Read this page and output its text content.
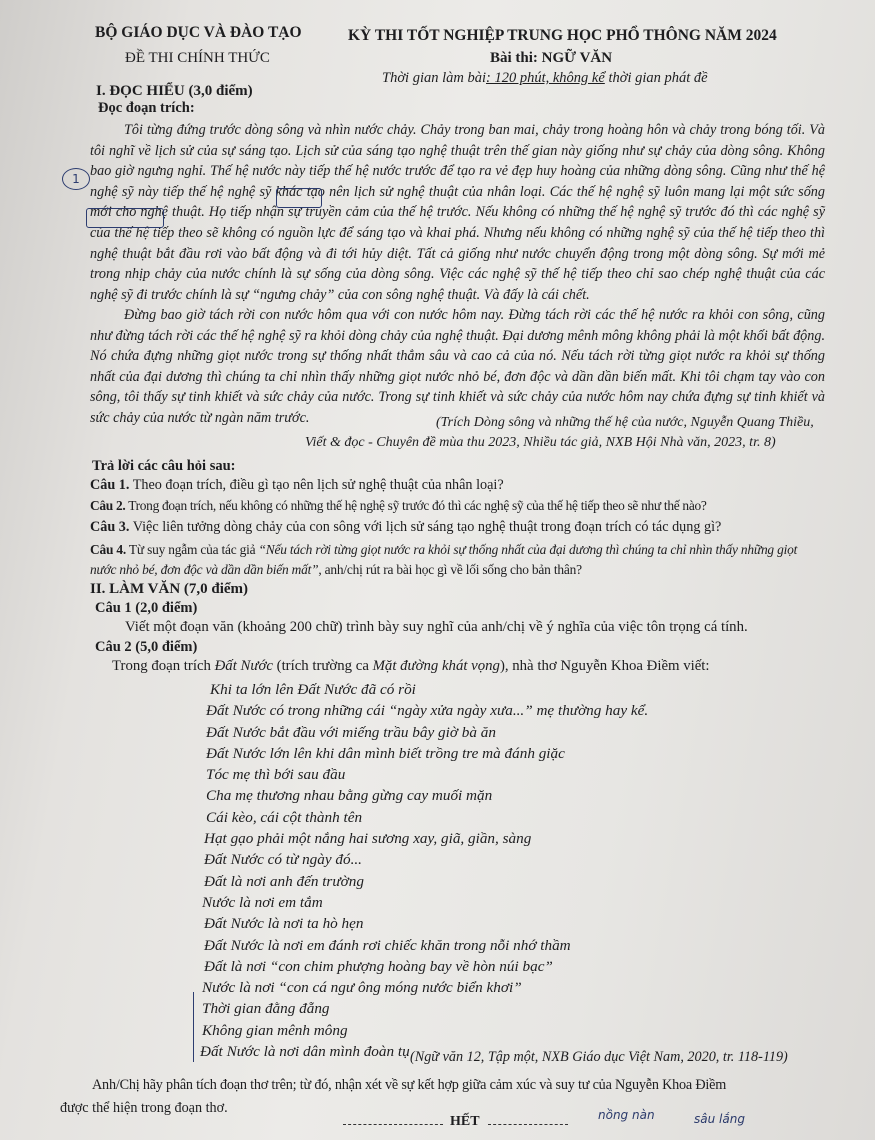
BỘ GIÁO DỤC VÀ ĐÀO TẠO
ĐỀ THI CHÍNH THỨC
KỲ THI TỐT NGHIỆP TRUNG HỌC PHỔ THÔNG NĂM 2024
Bài thi: NGỮ VĂN
Thời gian làm bài: 120 phút, không kể thời gian phát đề
I. ĐỌC HIỂU (3,0 điểm)
Đọc đoạn trích:
Tôi từng đứng trước dòng sông và nhìn nước chảy. Chảy trong ban mai, chảy trong hoàng hôn và chảy trong bóng tối. Và tôi nghĩ về lịch sử của sự sáng tạo. Lịch sử của sáng tạo nghệ thuật trên thế gian này giống như sự chảy của dòng sông. Không bao giờ ngưng nghỉ. Thế hệ nước này tiếp thế hệ nước trước để tạo ra vẻ đẹp huy hoàng của những dòng sông. Cũng như thế hệ nghệ sỹ này tiếp thế hệ nghệ sỹ khác tạo nên lịch sử nghệ thuật của nhân loại. Các thế hệ nghệ sỹ luôn mang lại một sức sống mới cho nghệ thuật. Họ tiếp nhận sự truyền cảm của thế hệ trước. Nếu không có những thế hệ nghệ sỹ trước đó thì các nghệ sỹ của thế hệ tiếp theo sẽ không có nguồn lực để sáng tạo và khai phá. Nhưng nếu không có những nghệ sỹ của thế hệ tiếp theo thì nghệ thuật bắt đầu rơi vào bất động và đi tới hủy diệt. Tất cả giống như nước chuyển động trong một dòng sông. Sự mới mẻ trong nhịp chảy của nước chính là sự sống của dòng sông. Việc các nghệ sỹ thế hệ tiếp theo chỉ sao chép nghệ thuật của các nghệ sỹ đi trước chính là sự “ngưng chảy” của con sông nghệ thuật. Và đấy là cái chết.
Đừng bao giờ tách rời con nước hôm qua với con nước hôm nay. Đừng tách rời các thế hệ nước ra khỏi con sông, cũng như đừng tách rời các thế hệ nghệ sỹ ra khỏi dòng chảy của nghệ thuật. Đại dương mênh mông không phải là một khối bất động. Nó chứa đựng những giọt nước trong sự thống nhất thẳm sâu và cao cả của nó. Nếu tách rời từng giọt nước ra khỏi sự thống nhất của đại dương thì chúng ta chỉ nhìn thấy những giọt nước nhỏ bé, đơn độc và dần dần biến mất. Khi tôi chạm tay vào con sông, tôi thấy sự tinh khiết và sức chảy của nước. Trong sự tinh khiết và sức chảy của nước hôm nay chứa đựng sự tinh khiết và sức chảy của nước từ ngàn năm trước.	(Trích Dòng sông và những thế hệ của nước, Nguyễn Quang Thiều,
Viết & đọc - Chuyên đề mùa thu 2023, Nhiều tác giả, NXB Hội Nhà văn, 2023, tr. 8)
Trả lời các câu hỏi sau:
Câu 1. Theo đoạn trích, điều gì tạo nên lịch sử nghệ thuật của nhân loại?
Câu 2. Trong đoạn trích, nếu không có những thế hệ nghệ sỹ trước đó thì các nghệ sỹ của thế hệ tiếp theo sẽ như thế nào?
Câu 3. Việc liên tưởng dòng chảy của con sông với lịch sử sáng tạo nghệ thuật trong đoạn trích có tác dụng gì?
Câu 4. Từ suy ngẫm của tác giả “Nếu tách rời từng giọt nước ra khỏi sự thống nhất của đại dương thì chúng ta chỉ nhìn thấy những giọt nước nhỏ bé, đơn độc và dần dần biến mất”, anh/chị rút ra bài học gì về lối sống cho bản thân?
II. LÀM VĂN (7,0 điểm)
Câu 1 (2,0 điểm)
Viết một đoạn văn (khoảng 200 chữ) trình bày suy nghĩ của anh/chị về ý nghĩa của việc tôn trọng cá tính.
Câu 2 (5,0 điểm)
Trong đoạn trích Đất Nước (trích trường ca Mặt đường khát vọng), nhà thơ Nguyễn Khoa Điềm viết:
Khi ta lớn lên Đất Nước đã có rồi
Đất Nước có trong những cái “ngày xửa ngày xưa...” mẹ thường hay kể.
Đất Nước bắt đầu với miếng trầu bây giờ bà ăn
Đất Nước lớn lên khi dân mình biết trồng tre mà đánh giặc
Tóc mẹ thì bới sau đầu
Cha mẹ thương nhau bằng gừng cay muối mặn
Cái kèo, cái cột thành tên
Hạt gạo phải một nắng hai sương xay, giã, giần, sàng
Đất Nước có từ ngày đó...
Đất là nơi anh đến trường
Nước là nơi em tắm
Đất Nước là nơi ta hò hẹn
Đất Nước là nơi em đánh rơi chiếc khăn trong nỗi nhớ thầm
Đất là nơi “con chim phượng hoàng bay về hòn núi bạc”
Nước là nơi “con cá ngư ông móng nước biển khơi”
Thời gian đằng đẵng
Không gian mênh mông
Đất Nước là nơi dân mình đoàn tụ (Ngữ văn 12, Tập một, NXB Giáo dục Việt Nam, 2020, tr. 118-119)
Anh/Chị hãy phân tích đoạn thơ trên; từ đó, nhận xét về sự kết hợp giữa cảm xúc và suy tư của Nguyễn Khoa Điềm
được thể hiện trong đoạn thơ.
HẾT
1
nồng nàn	sâu lắng
